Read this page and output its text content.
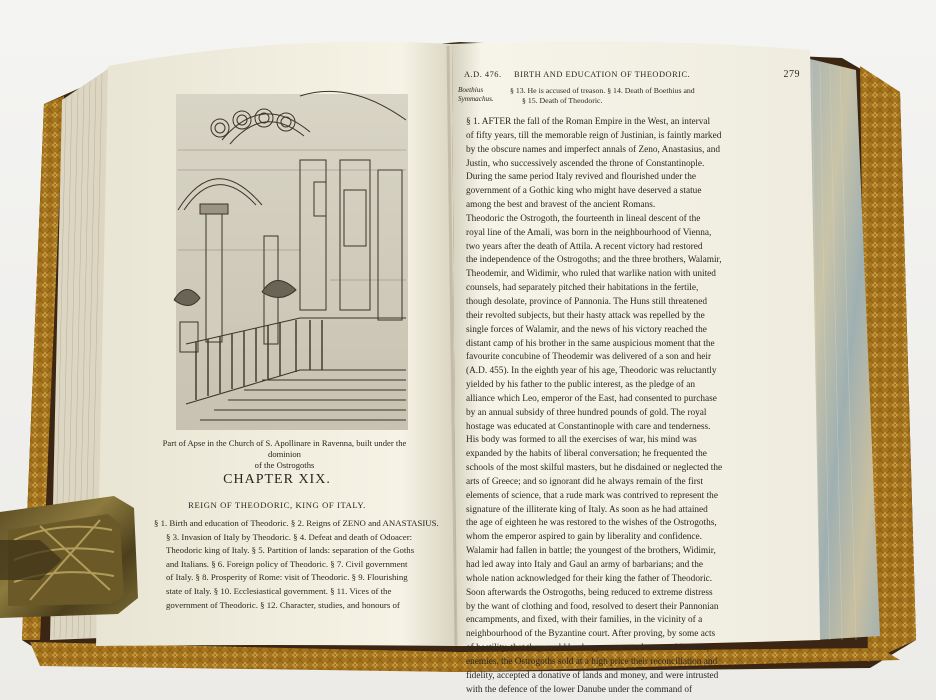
Part of Apse in the Church of S. Apollinare in Ravenna, built under the dominion
of the Ostrogoths
CHAPTER XIX.
REIGN OF THEODORIC, KING OF ITALY.
§ 1. Birth and education of Theodoric. § 2. Reigns of ZENO and ANASTASIUS.
§ 3. Invasion of Italy by Theodoric. § 4. Defeat and death of Odoacer:
Theodoric king of Italy. § 5. Partition of lands: separation of the Goths
and Italians. § 6. Foreign policy of Theodoric. § 7. Civil government
of Italy. § 8. Prosperity of Rome: visit of Theodoric. § 9. Flourishing
state of Italy. § 10. Ecclesiastical government. § 11. Vices of the
government of Theodoric. § 12. Character, studies, and honours of
A.D. 476. BIRTH AND EDUCATION OF THEODORIC.	279
Boethius
Symmachus.
§ 13. He is accused of treason. § 14. Death of Boethius and
§ 15. Death of Theodoric.
§ 1. AFTER the fall of the Roman Empire in the West, an interval
of fifty years, till the memorable reign of Justinian, is faintly marked
by the obscure names and imperfect annals of Zeno, Anastasius, and
Justin, who successively ascended the throne of Constantinople.
During the same period Italy revived and flourished under the
government of a Gothic king who might have deserved a statue
among the best and bravest of the ancient Romans.
Theodoric the Ostrogoth, the fourteenth in lineal descent of the
royal line of the Amali, was born in the neighbourhood of Vienna,
two years after the death of Attila. A recent victory had restored
the independence of the Ostrogoths; and the three brothers, Walamir,
Theodemir, and Widimir, who ruled that warlike nation with united
counsels, had separately pitched their habitations in the fertile,
though desolate, province of Pannonia. The Huns still threatened
their revolted subjects, but their hasty attack was repelled by the
single forces of Walamir, and the news of his victory reached the
distant camp of his brother in the same auspicious moment that the
favourite concubine of Theodemir was delivered of a son and heir
(A.D. 455). In the eighth year of his age, Theodoric was reluctantly
yielded by his father to the public interest, as the pledge of an
alliance which Leo, emperor of the East, had consented to purchase
by an annual subsidy of three hundred pounds of gold. The royal
hostage was educated at Constantinople with care and tenderness.
His body was formed to all the exercises of war, his mind was
expanded by the habits of liberal conversation; he frequented the
schools of the most skilful masters, but he disdained or neglected the
arts of Greece; and so ignorant did he always remain of the first
elements of science, that a rude mark was contrived to represent the
signature of the illiterate king of Italy. As soon as he had attained
the age of eighteen he was restored to the wishes of the Ostrogoths,
whom the emperor aspired to gain by liberality and confidence.
Walamir had fallen in battle; the youngest of the brothers, Widimir,
had led away into Italy and Gaul an army of barbarians; and the
whole nation acknowledged for their king the father of Theodoric.
Soon afterwards the Ostrogoths, being reduced to extreme distress
by the want of clothing and food, resolved to desert their Pannonian
encampments, and fixed, with their families, in the vicinity of a
neighbourhood of the Byzantine court. After proving, by some acts
of hostility, that they could be dangerous, or at least troublesome,
enemies, the Ostrogoths sold at a high price their reconciliation and
fidelity, accepted a donative of lands and money, and were intrusted
with the defence of the lower Danube under the command of
